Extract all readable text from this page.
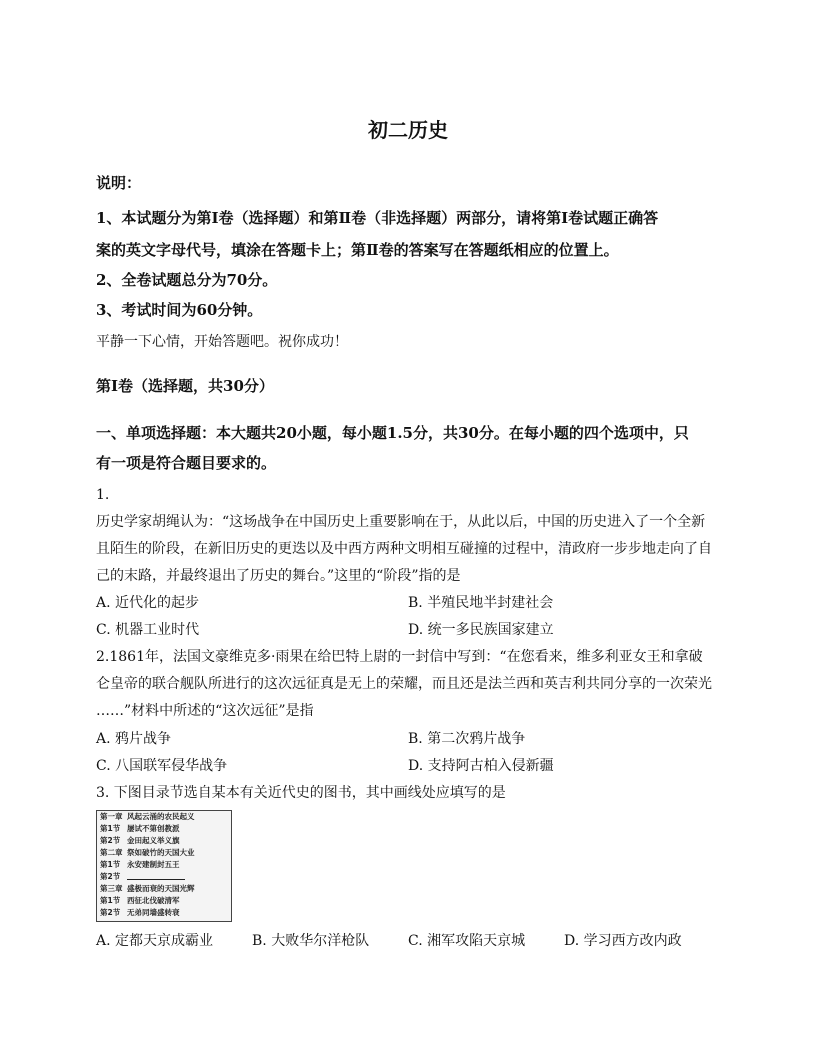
初二历史
说明：
1、本试题分为第Ⅰ卷（选择题）和第Ⅱ卷（非选择题）两部分，请将第Ⅰ卷试题正确答
案的英文字母代号，填涂在答题卡上；第Ⅱ卷的答案写在答题纸相应的位置上。
2、全卷试题总分为70分。
3、考试时间为60分钟。
平静一下心情，开始答题吧。祝你成功！
第Ⅰ卷（选择题，共30分）
一、单项选择题：本大题共20小题，每小题1.5分，共30分。在每小题的四个选项中，只
有一项是符合题目要求的。
1.
历史学家胡绳认为：“这场战争在中国历史上重要影响在于，从此以后，中国的历史进入了一个全新
且陌生的阶段，在新旧历史的更迭以及中西方两种文明相互碰撞的过程中，清政府一步步地走向了自
己的末路，并最终退出了历史的舞台。”这里的“阶段”指的是
A. 近代化的起步	B. 半殖民地半封建社会
C. 机器工业时代	D. 统一多民族国家建立
2.1861年，法国文豪维克多·雨果在给巴特上尉的一封信中写到：“在您看来，维多利亚女王和拿破
仑皇帝的联合舰队所进行的这次远征真是无上的荣耀，而且还是法兰西和英吉利共同分享的一次荣光
……”材料中所述的“这次远征”是指
A. 鸦片战争	B. 第二次鸦片战争
C. 八国联军侵华战争	D. 支持阿古柏入侵新疆
3. 下图目录节选自某本有关近代史的图书，其中画线处应填写的是
第一章 风起云涌的农民起义
第1节 屡试不第创教派
第2节 金田起义举义旗
第二章 祭如破竹的天国大业
第1节 永安建制封五王
第2节
第三章 盛极而衰的天国光辉
第1节 西征北伐破清军
第2节 无弟同墙盛转衰
A. 定都天京成霸业	B. 大败华尔洋枪队	C. 湘军攻陷天京城	D. 学习西方改内政
